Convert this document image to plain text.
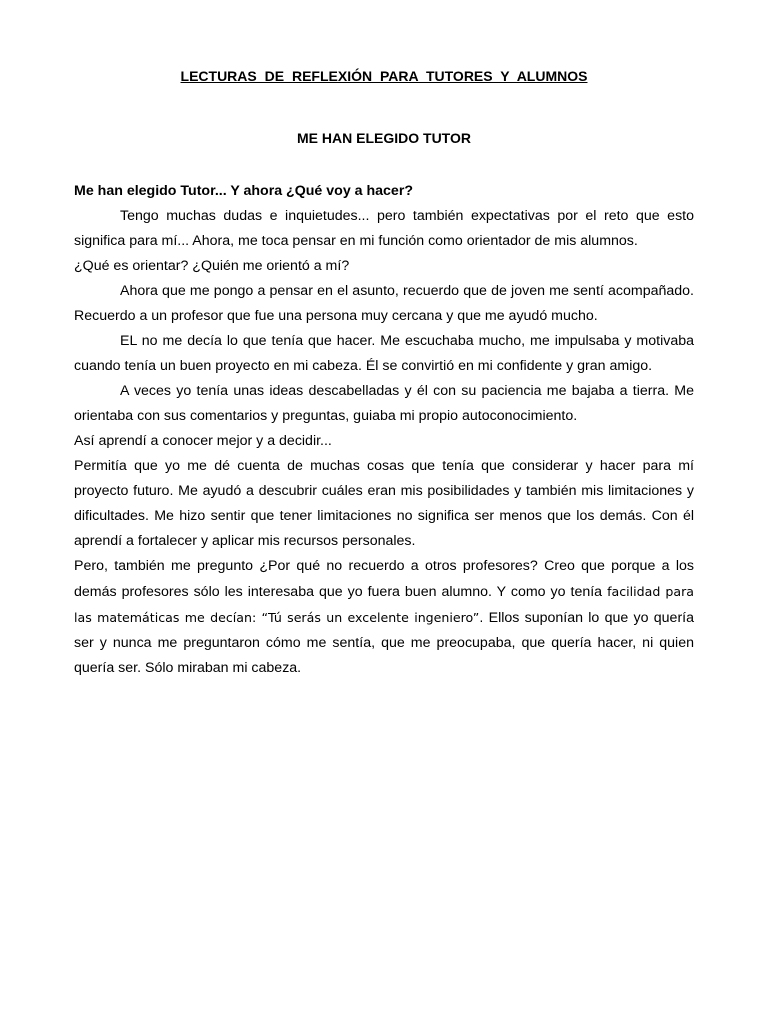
LECTURAS DE REFLEXIÓN PARA TUTORES Y ALUMNOS
ME HAN ELEGIDO TUTOR

Me han elegido Tutor... Y ahora ¿Qué voy a hacer?

Tengo muchas dudas e inquietudes... pero también expectativas por el reto que esto significa para mí... Ahora, me toca pensar en mi función como orientador de mis alumnos.

¿Qué es orientar? ¿Quién me orientó a mí?

Ahora que me pongo a pensar en el asunto, recuerdo que de joven me sentí acompañado. Recuerdo a un profesor que fue una persona muy cercana y que me ayudó mucho.

EL no me decía lo que tenía que hacer. Me escuchaba mucho, me impulsaba y motivaba cuando tenía un buen proyecto en mi cabeza. Él se convirtió en mi confidente y gran amigo.

A veces yo tenía unas ideas descabelladas y él con su paciencia me bajaba a tierra. Me orientaba con sus comentarios y preguntas, guiaba mi propio autoconocimiento.

Así aprendí a conocer mejor y a decidir...

Permitía que yo me dé cuenta de muchas cosas que tenía que considerar y hacer para mí proyecto futuro. Me ayudó a descubrir cuáles eran mis posibilidades y también mis limitaciones y dificultades. Me hizo sentir que tener limitaciones no significa ser menos que los demás. Con él aprendí a fortalecer y aplicar mis recursos personales.

Pero, también me pregunto ¿Por qué no recuerdo a otros profesores? Creo que porque a los demás profesores sólo les interesaba que yo fuera buen alumno. Y como yo tenía facilidad para las matemáticas me decían: “Tú serás un excelente ingeniero”. Ellos suponían lo que yo quería ser y nunca me preguntaron cómo me sentía, que me preocupaba, que quería hacer, ni quien quería ser. Sólo miraban mi cabeza.
